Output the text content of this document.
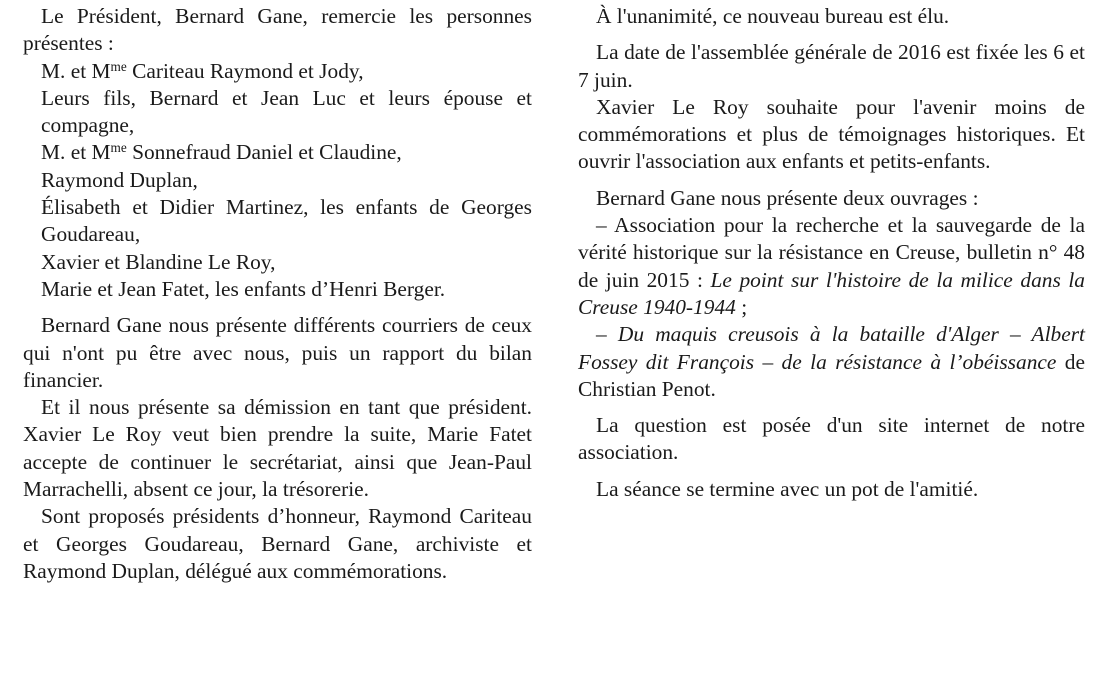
Le Président, Bernard Gane, remercie les personnes présentes :

M. et $M^{me}$ Cariteau Raymond et Jody,

Leurs fils, Bernard et Jean Luc et leurs épouse et compagne,

M. et $M^{me}$ Sonnefraud Daniel et Claudine,

Raymond Duplan,

Élisabeth et Didier Martinez, les enfants de Georges Goudareau,

Xavier et Blandine Le Roy,

Marie et Jean Fatet, les enfants d’Henri Berger.

Bernard Gane nous présente différents courriers de ceux qui n'ont pu être avec nous, puis un rapport du bilan financier.

Et il nous présente sa démission en tant que président. Xavier Le Roy veut bien prendre la suite, Marie Fatet accepte de continuer le secrétariat, ainsi que Jean-Paul Marrachelli, absent ce jour, la trésorerie.

Sont proposés présidents d’honneur, Raymond Cariteau et Georges Goudareau, Bernard Gane, archiviste et Raymond Duplan, délégué aux commémorations.

À l'unanimité, ce nouveau bureau est élu.

La date de l'assemblée générale de 2016 est fixée les 6 et 7 juin.

Xavier Le Roy souhaite pour l'avenir moins de commémorations et plus de témoignages historiques. Et ouvrir l'association aux enfants et petits-enfants.

Bernard Gane nous présente deux ouvrages :

– Association pour la recherche et la sauvegarde de la vérité historique sur la résistance en Creuse, bulletin n° 48 de juin 2015 : Le point sur l'histoire de la milice dans la Creuse 1940-1944 ;

– Du maquis creusois à la bataille d'Alger – Albert Fossey dit François – de la résistance à l’obéissance de Christian Penot.

La question est posée d'un site internet de notre association.

La séance se termine avec un pot de l'amitié.
